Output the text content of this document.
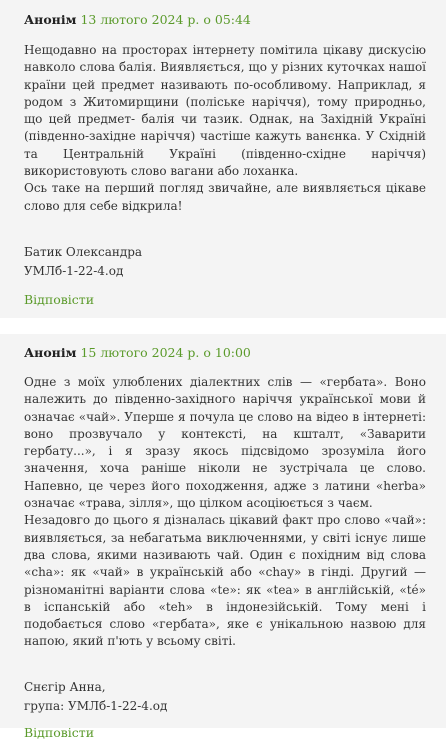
Анонім 13 лютого 2024 р. о 05:44

Нещодавно на просторах інтернету помітила цікаву дискусію навколо слова балія. Виявляється, що у різних куточках нашої країни цей предмет називають по-особливому. Наприклад, я родом з Житомирщини (поліське наріччя), тому природньо, що цей предмет- балія чи тазик. Однак, на Західній Україні (південно-західне наріччя) частіше кажуть ванєнка. У Східній та Центральній Україні (південно-східне наріччя) використовують слово вагани або лоханка.

Ось таке на перший погляд звичайне, але виявляється цікаве слово для себе відкрила!

Батик Олександра
УМЛб-1-22-4.од
Відповісти
Анонім 15 лютого 2024 р. о 10:00

Одне з моїх улюблених діалектних слів — «гербата». Воно належить до південно-західного наріччя української мови й означає «чай». Уперше я почула це слово на відео в інтернеті: воно прозвучало у контексті, на кшталт, «Заварити гербату...», і я зразу якось підсвідомо зрозуміла його значення, хоча раніше ніколи не зустрічала це слово. Напевно, це через його походження, адже з латини «herba» означає «трава, зілля», що цілком асоціюється з чаєм.

Незадовго до цього я дізналась цікавий факт про слово «чай»: виявляється, за небагатьма виключеннями, у світі існує лише два слова, якими називають чай. Один є похідним від слова «cha»: як «чай» в українській або «chay» в гінді. Другий — різноманітні варіанти слова «te»: як «tea» в англійській, «té» в іспанській або «teh» в індонезійській. Тому мені і подобається слово «гербата», яке є унікальною назвою для напою, який п'ють у всьому світі.

Снєгір Анна,
група: УМЛб-1-22-4.од
Відповісти
